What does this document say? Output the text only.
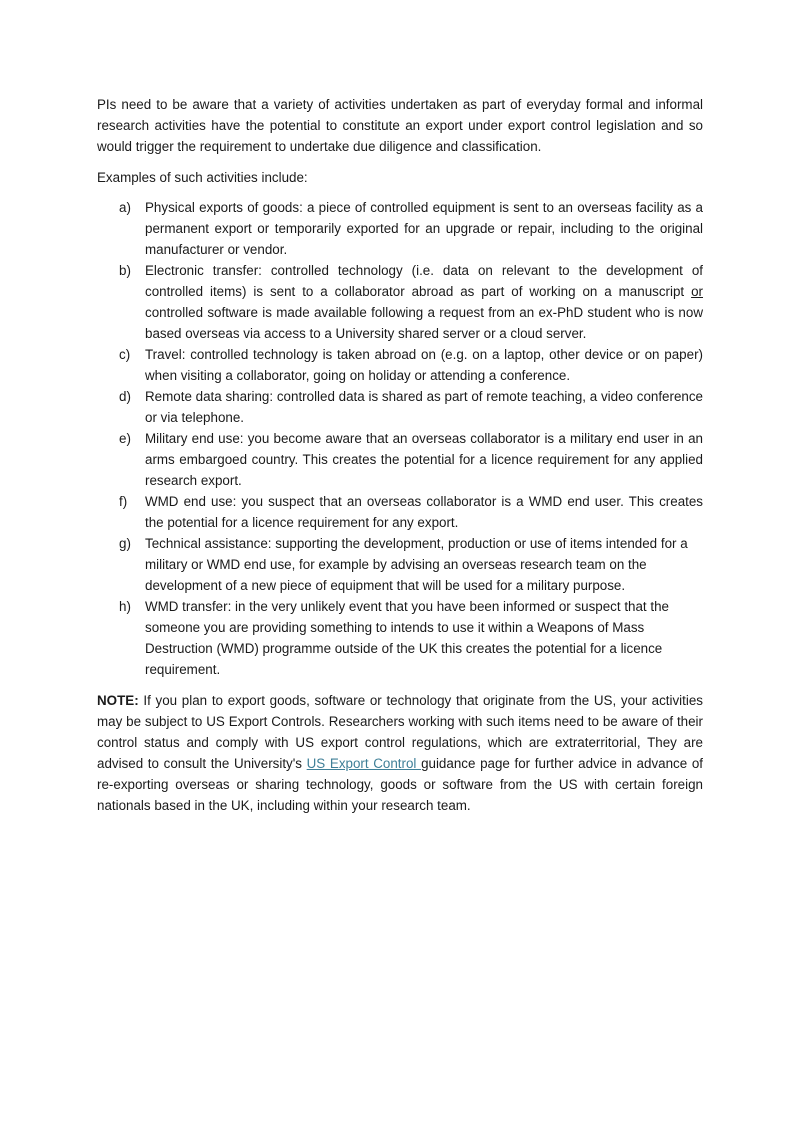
PIs need to be aware that a variety of activities undertaken as part of everyday formal and informal research activities have the potential to constitute an export under export control legislation and so would trigger the requirement to undertake due diligence and classification.

Examples of such activities include:

a) Physical exports of goods: a piece of controlled equipment is sent to an overseas facility as a permanent export or temporarily exported for an upgrade or repair, including to the original manufacturer or vendor.
b) Electronic transfer: controlled technology (i.e. data on relevant to the development of controlled items) is sent to a collaborator abroad as part of working on a manuscript or controlled software is made available following a request from an ex-PhD student who is now based overseas via access to a University shared server or a cloud server.
c) Travel: controlled technology is taken abroad on (e.g. on a laptop, other device or on paper) when visiting a collaborator, going on holiday or attending a conference.
d) Remote data sharing: controlled data is shared as part of remote teaching, a video conference or via telephone.
e) Military end use: you become aware that an overseas collaborator is a military end user in an arms embargoed country. This creates the potential for a licence requirement for any applied research export.
f) WMD end use: you suspect that an overseas collaborator is a WMD end user. This creates the potential for a licence requirement for any export.
g) Technical assistance: supporting the development, production or use of items intended for a military or WMD end use, for example by advising an overseas research team on the development of a new piece of equipment that will be used for a military purpose.
h) WMD transfer: in the very unlikely event that you have been informed or suspect that the someone you are providing something to intends to use it within a Weapons of Mass Destruction (WMD) programme outside of the UK this creates the potential for a licence requirement.

NOTE: If you plan to export goods, software or technology that originate from the US, your activities may be subject to US Export Controls. Researchers working with such items need to be aware of their control status and comply with US export control regulations, which are extraterritorial, They are advised to consult the University's US Export Control guidance page for further advice in advance of re-exporting overseas or sharing technology, goods or software from the US with certain foreign nationals based in the UK, including within your research team.
